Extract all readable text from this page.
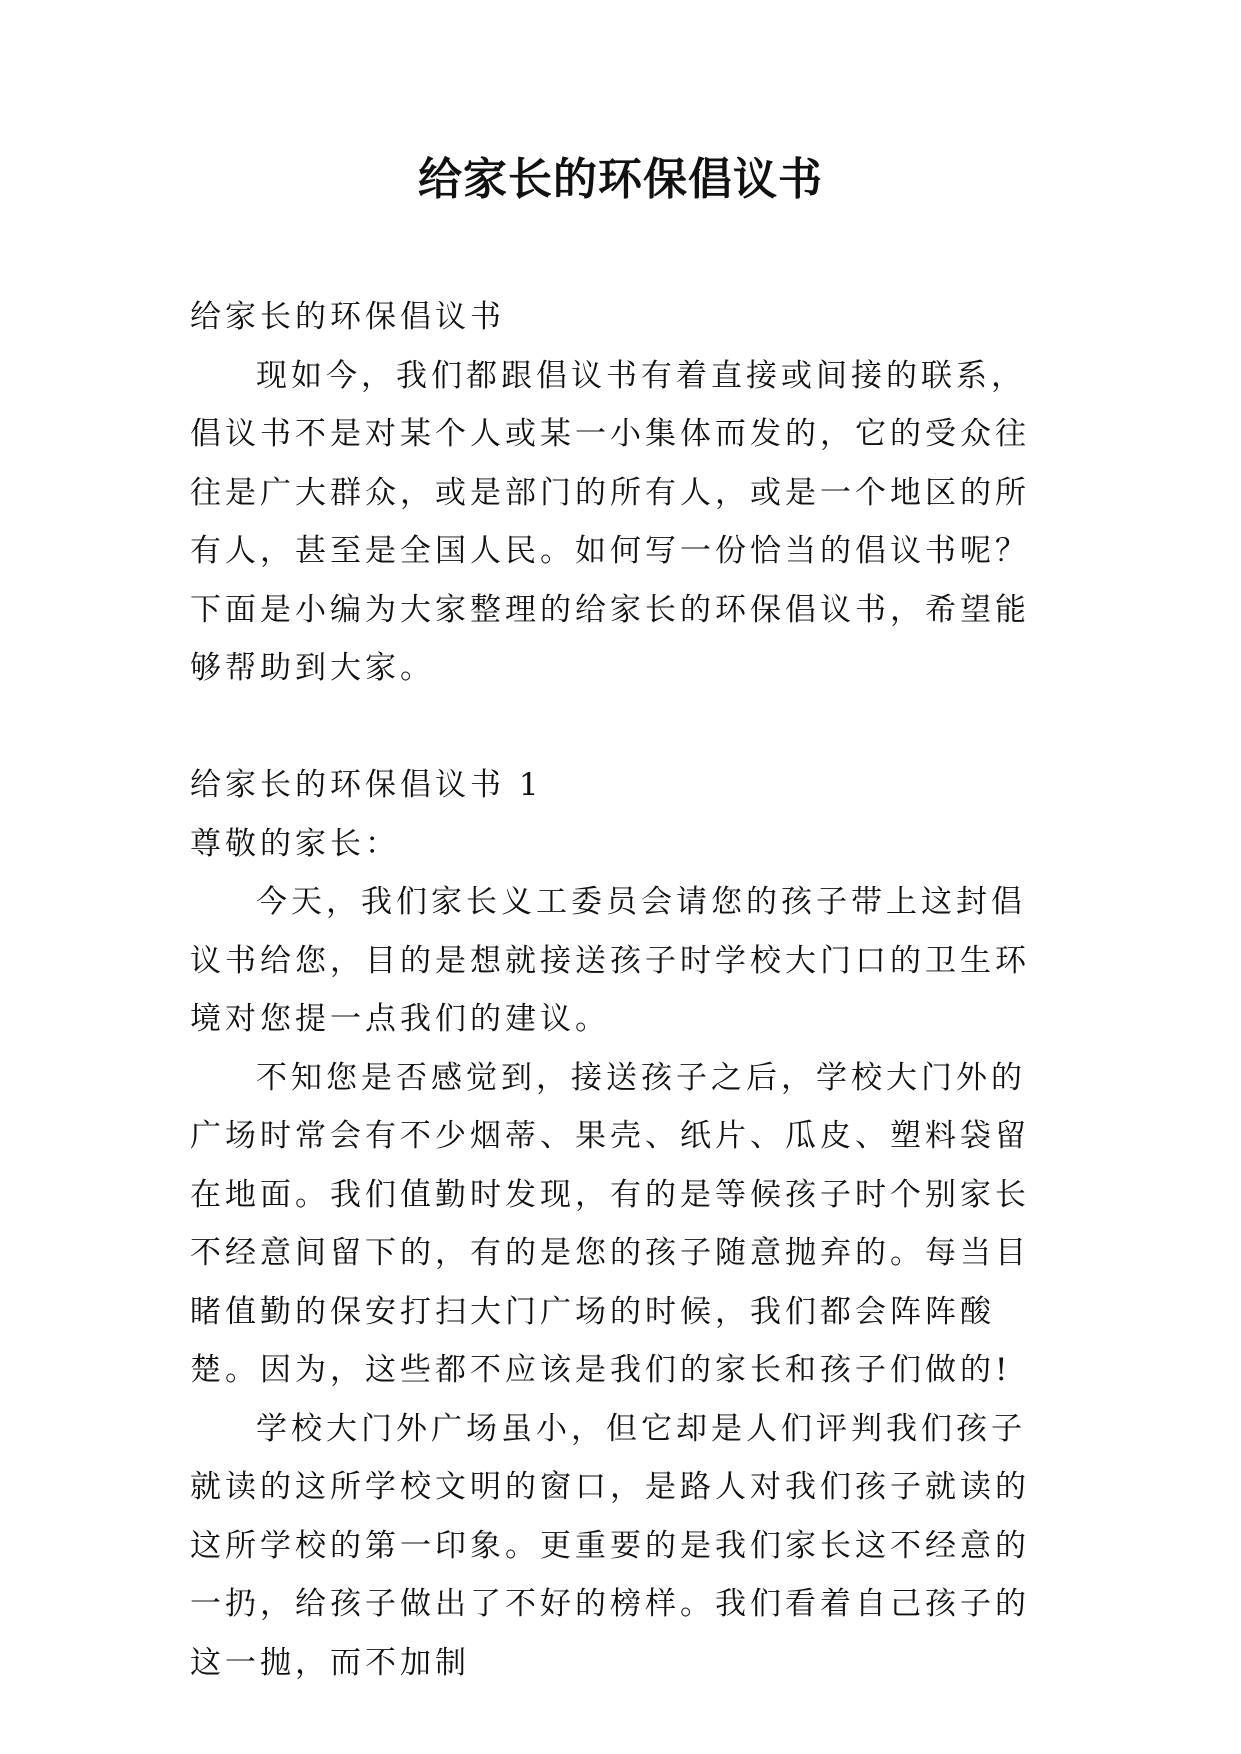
给家长的环保倡议书

给家长的环保倡议书

现如今，我们都跟倡议书有着直接或间接的联系，倡议书不是对某个人或某一小集体而发的，它的受众往往是广大群众，或是部门的所有人，或是一个地区的所有人，甚至是全国人民。如何写一份恰当的倡议书呢？下面是小编为大家整理的给家长的环保倡议书，希望能够帮助到大家。

给家长的环保倡议书 1

尊敬的家长：

今天，我们家长义工委员会请您的孩子带上这封倡议书给您，目的是想就接送孩子时学校大门口的卫生环境对您提一点我们的建议。

不知您是否感觉到，接送孩子之后，学校大门外的广场时常会有不少烟蒂、果壳、纸片、瓜皮、塑料袋留在地面。我们值勤时发现，有的是等候孩子时个别家长不经意间留下的，有的是您的孩子随意抛弃的。每当目睹值勤的保安打扫大门广场的时候，我们都会阵阵酸楚。因为，这些都不应该是我们的家长和孩子们做的!

学校大门外广场虽小，但它却是人们评判我们孩子就读的这所学校文明的窗口，是路人对我们孩子就读的这所学校的第一印象。更重要的是我们家长这不经意的一扔，给孩子做出了不好的榜样。我们看着自己孩子的这一抛，而不加制
